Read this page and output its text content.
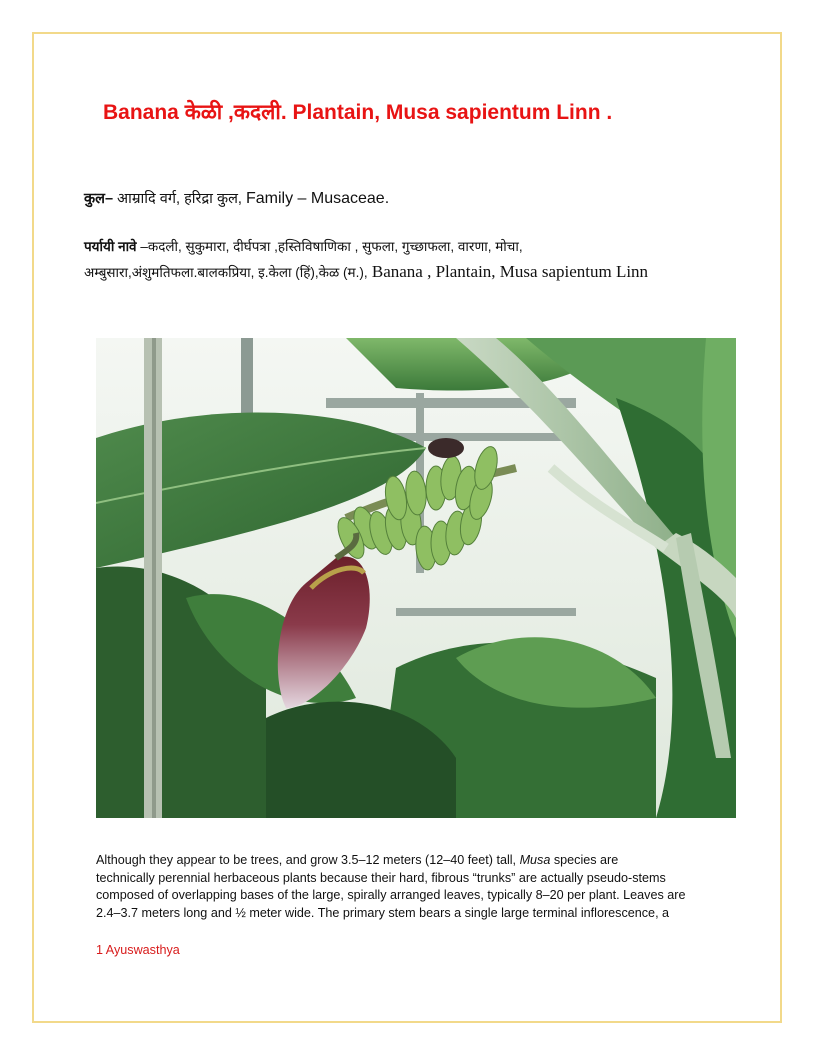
Banana केळी ,कदली. Plantain, Musa sapientum Linn .
कुल– आम्रादि वर्ग, हरिद्रा कुल, Family – Musaceae.
पर्यायी नावे –कदली, सुकुमारा, दीर्घपत्रा ,हस्तिविषाणिका , सुफला, गुच्छाफला, वारणा, मोचा,
अम्बुसारा,अंशुमतिफला.बालकप्रिया, इ.केला (हिं),केळ (म.), Banana , Plantain, Musa sapientum Linn
Although they appear to be trees, and grow 3.5–12 meters (12–40 feet) tall, Musa species are
technically perennial herbaceous plants because their hard, fibrous “trunks” are actually pseudo-stems
composed of overlapping bases of the large, spirally arranged leaves, typically 8–20 per plant. Leaves are
2.4–3.7 meters long and ½ meter wide. The primary stem bears a single large terminal inflorescence, a
1 Ayuswasthya
